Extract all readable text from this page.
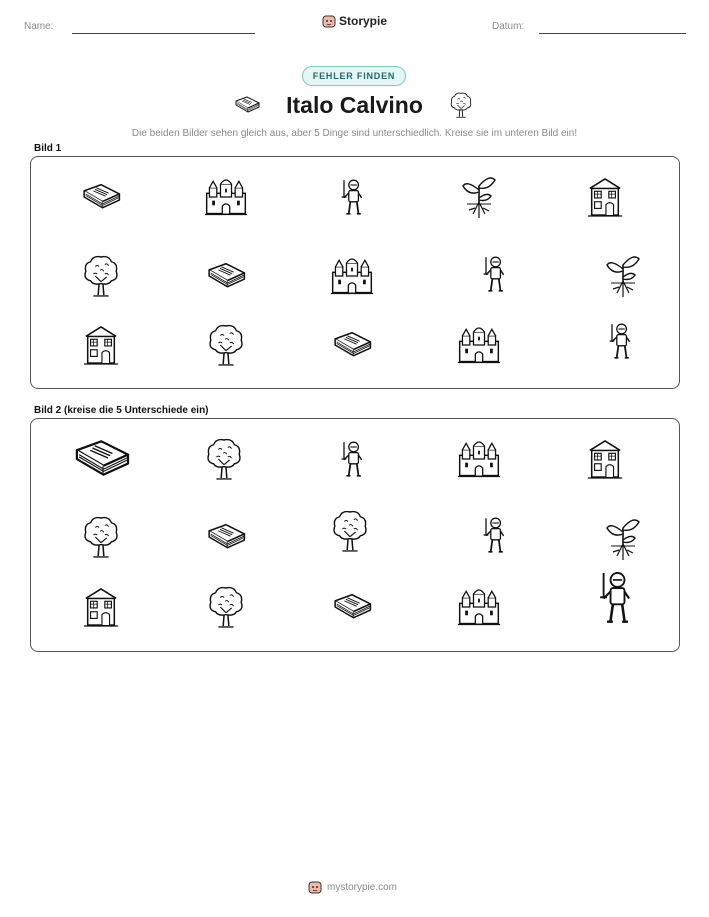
Name:	Storypie	Datum:
FEHLER FINDEN
Italo Calvino
Die beiden Bilder sehen gleich aus, aber 5 Dinge sind unterschiedlich. Kreise sie im unteren Bild ein!
Bild 1
Bild 2 (kreise die 5 Unterschiede ein)
mystorypie.com
